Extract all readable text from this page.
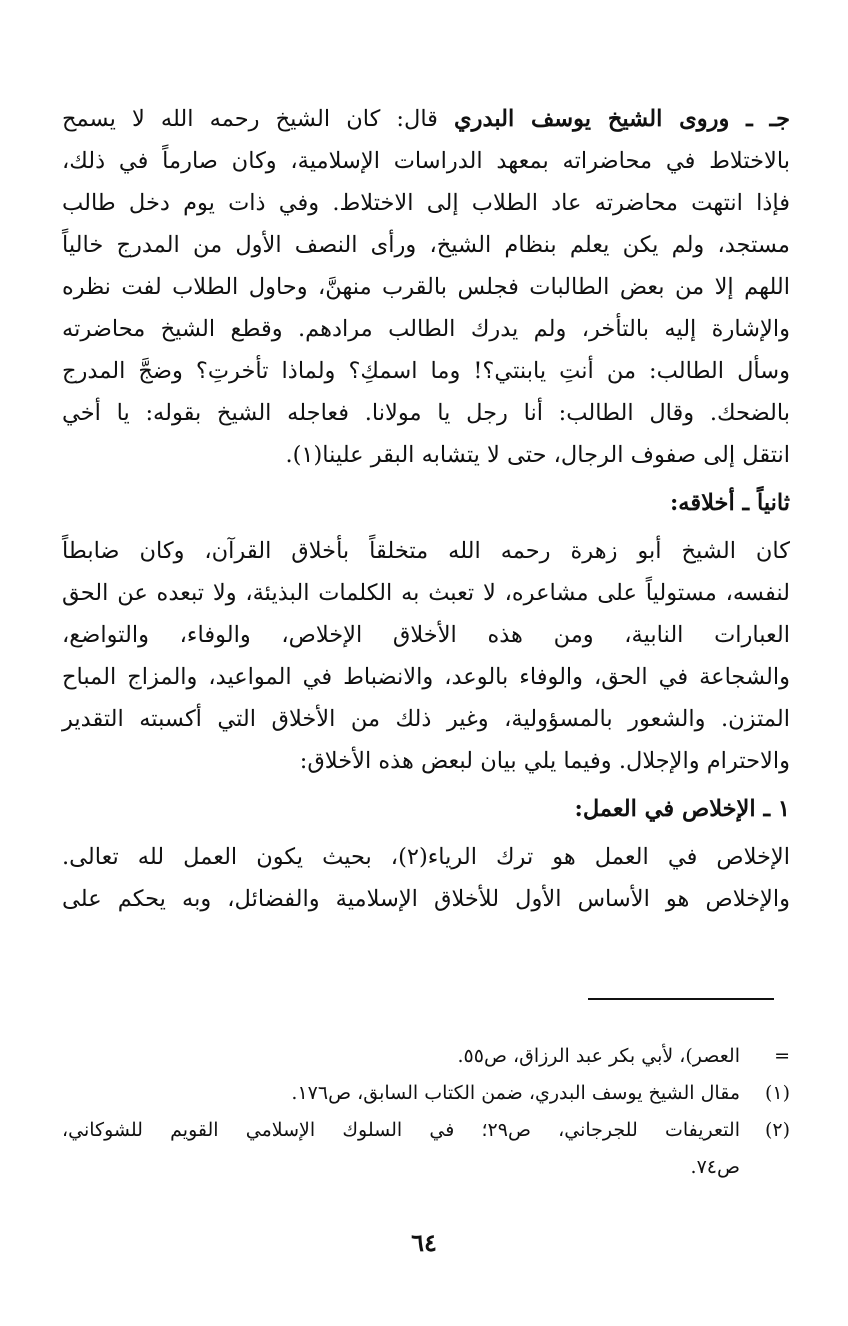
جـ ـ وروى الشيخ يوسف البدري قال: كان الشيخ رحمه الله لا يسمح
بالاختلاط في محاضراته بمعهد الدراسات الإسلامية، وكان صارماً في ذلك،
فإذا انتهت محاضرته عاد الطلاب إلى الاختلاط. وفي ذات يوم دخل طالب
مستجد، ولم يكن يعلم بنظام الشيخ، ورأى النصف الأول من المدرج خالياً
اللهم إلا من بعض الطالبات فجلس بالقرب منهنَّ، وحاول الطلاب لفت نظره
والإشارة إليه بالتأخر، ولم يدرك الطالب مرادهم. وقطع الشيخ محاضرته
وسأل الطالب: من أنتِ يابنتي؟! وما اسمكِ؟ ولماذا تأخرتِ؟ وضجَّ المدرج
بالضحك. وقال الطالب: أنا رجل يا مولانا. فعاجله الشيخ بقوله: يا أخي
انتقل إلى صفوف الرجال، حتى لا يتشابه البقر علينا(١).
ثانياً ـ أخلاقه:
كان الشيخ أبو زهرة رحمه الله متخلقاً بأخلاق القرآن، وكان ضابطاً
لنفسه، مستولياً على مشاعره، لا تعبث به الكلمات البذيئة، ولا تبعده عن الحق
العبارات النابية، ومن هذه الأخلاق الإخلاص، والوفاء، والتواضع،
والشجاعة في الحق، والوفاء بالوعد، والانضباط في المواعيد، والمزاج المباح
المتزن. والشعور بالمسؤولية، وغير ذلك من الأخلاق التي أكسبته التقدير
والاحترام والإجلال. وفيما يلي بيان لبعض هذه الأخلاق:
١ ـ الإخلاص في العمل:
الإخلاص في العمل هو ترك الرياء(٢)، بحيث يكون العمل لله تعالى.
والإخلاص هو الأساس الأول للأخلاق الإسلامية والفضائل، وبه يحكم على
=
العصر)، لأبي بكر عبد الرزاق، ص٥٥.
(١)
مقال الشيخ يوسف البدري، ضمن الكتاب السابق، ص١٧٦.
(٢)
التعريفات للجرجاني، ص٢٩؛ في السلوك الإسلامي القويم للشوكاني،
ص٧٤.
٦٤
